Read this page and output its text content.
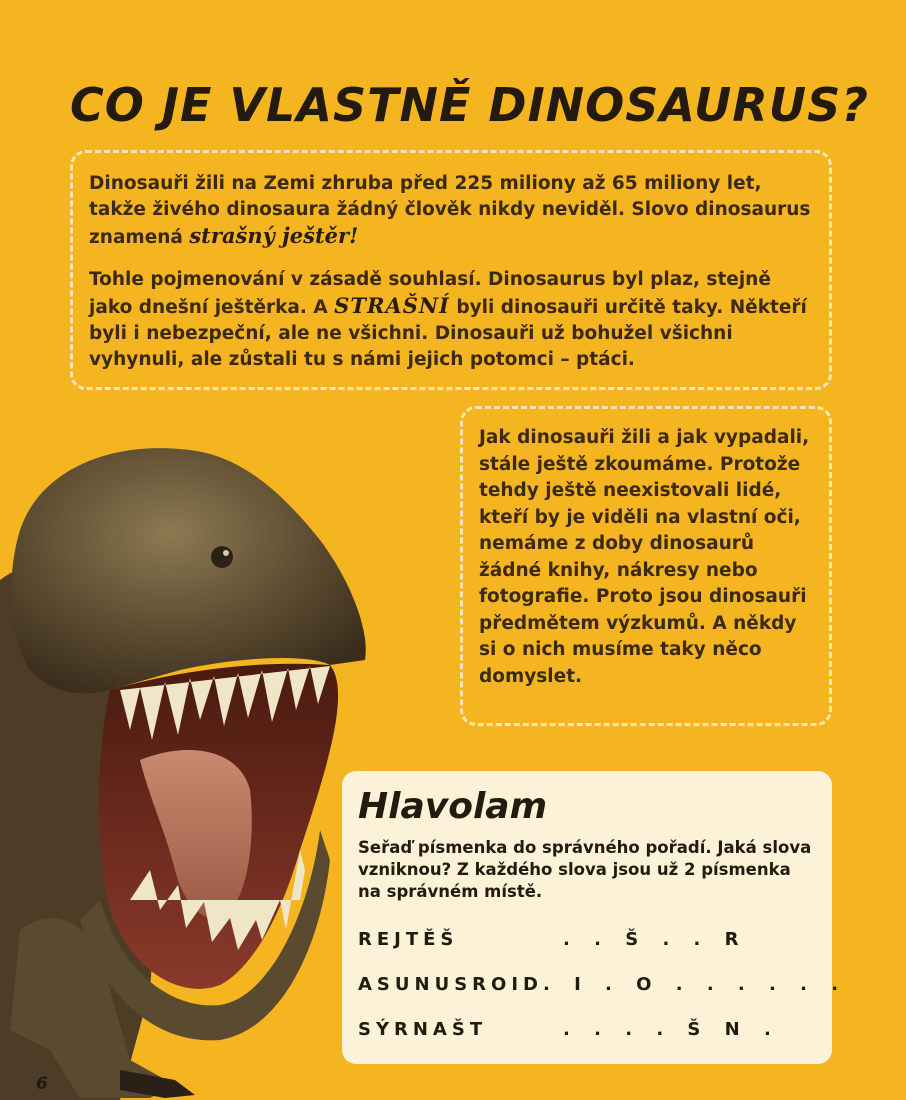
CO JE VLASTNĚ DINOSAURUS?

Dinosauři žili na Zemi zhruba před 225 miliony až 65 miliony let, takže živého dinosaura žádný člověk nikdy neviděl. Slovo dinosaurus znamená strašný ještěr!

Tohle pojmenování v zásadě souhlasí. Dinosaurus byl plaz, stejně jako dnešní ještěrka. A STRAŠNÍ byli dinosauři určitě taky. Někteří byli i nebezpeční, ale ne všichni. Dinosauři už bohužel všichni vyhynuli, ale zůstali tu s námi jejich potomci – ptáci.

Jak dinosauři žili a jak vypadali, stále ještě zkoumáme. Protože tehdy ještě neexistovali lidé, kteří by je viděli na vlastní oči, nemáme z doby dinosaurů žádné knihy, nákresy nebo fotografie. Proto jsou dinosauři předmětem výzkumů. A někdy si o nich musíme taky něco domyslet.
Hlavolam

Seřaď písmenka do správného pořadí. Jaká slova vzniknou? Z každého slova jsou už 2 písmenka na správném místě.

REJTĚŠ	. . Š . . R
ASUNUSROID . I . O . . . . . .
SÝRNAŠT	. . . . Š N .
6
